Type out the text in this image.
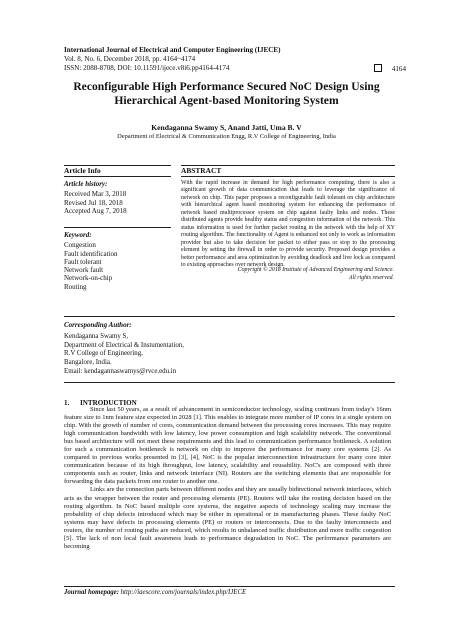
International Journal of Electrical and Computer Engineering (IJECE)
Vol. 8, No. 6, December 2018, pp. 4164~4174
ISSN: 2088-8708, DOI: 10.11591/ijece.v8i6.pp4164-4174	4164
Reconfigurable High Performance Secured NoC Design Using
Hierarchical Agent-based Monitoring System
Kendaganna Swamy S, Anand Jatti, Uma B. V
Department of Electrical & Communication Engg, R.V College of Engineering, India
Article Info	ABSTRACT
Article history:
Received Mar 3, 2018
Revised Jul 18, 2018
Accepted Aug 7, 2018
Keyword:
Congestion
Fault identification
Fault tolerant
Network fault
Network-on-chip
Routing
With the rapid increase in demand for high performance computing, there is also a significant growth of data communication that leads to leverage the significance of network on chip. This paper proposes a reconfigurable fault tolerant on chip architecture with hierarchical agent based monitoring system for enhancing the performance of network based multiprocessor system on chip against faulty links and nodes. These distributed agents provide healthy status and congestion information of the network. This status information is used for further packet routing in the network with the help of XY routing algorithm. The functionality of Agent is enhanced not only to work as information provider but also to take decision for packet to either pass or stop to the processing element by setting the firewall in order to provide security. Proposed design provides a better performance and area optimization by avoiding deadlock and live lock as compared to existing approaches over network design.
Copyright © 2018 Institute of Advanced Engineering and Science.
All rights reserved.
Corresponding Author:
Kendaganna Swamy S,
Department of Electrical & Instumentation,
R.V College of Engineering,
Bangalore, India.
Email: kendagannaswamys@rvce.edu.in
1. INTRODUCTION

Since last 50 years, as a result of advancement in semiconductor technology, scaling continues from today's 16nm feature size to 1nm feature size expected in 2028 [1]. This enables to integrate more number of IP cores in a single system on chip. With the growth of number of cores, communication demand between the processing cores increases. This may require high communication bandwidth with low latency, low power consumption and high scalability network. The conventional bus based architecture will not meet these requirements and this lead to communication performance bottleneck. A solution for such a communication bottleneck is network on chip to improve the performance for many core systems [2]. As compared to previous works presented in [3], [4], NoC is the popular interconnection infrastructure for many core inter communication because of its high throughput, low latency, scalability and reusability. NoC's are composed with three components such as router, links and network interface (NI). Routers are the switching elements that are responsible for forwarding the data packets from one router to another one.

Links are the connection parts between different nodes and they are usually bidirectional network interfaces, which acts as the wrapper between the router and processing elements (PE). Routers will take the routing decision based on the routing algorithm. In NoC based multiple core systems, the negative aspects of technology scaling may increase the probability of chip defects introduced which may be either in operational or in manufacturing phases. These faulty NoC systems may have defects in processing elements (PE) or routers or interconnects. Due to the faulty interconnects and routers, the number of routing paths are reduced, which results in unbalanced traffic distribution and more traffic congestion [5]. The lack of non local fault awareness leads to performance degradation in NoC. The performance parameters are becoming

Journal homepage: http://iaescore.com/journals/index.php/IJECE
